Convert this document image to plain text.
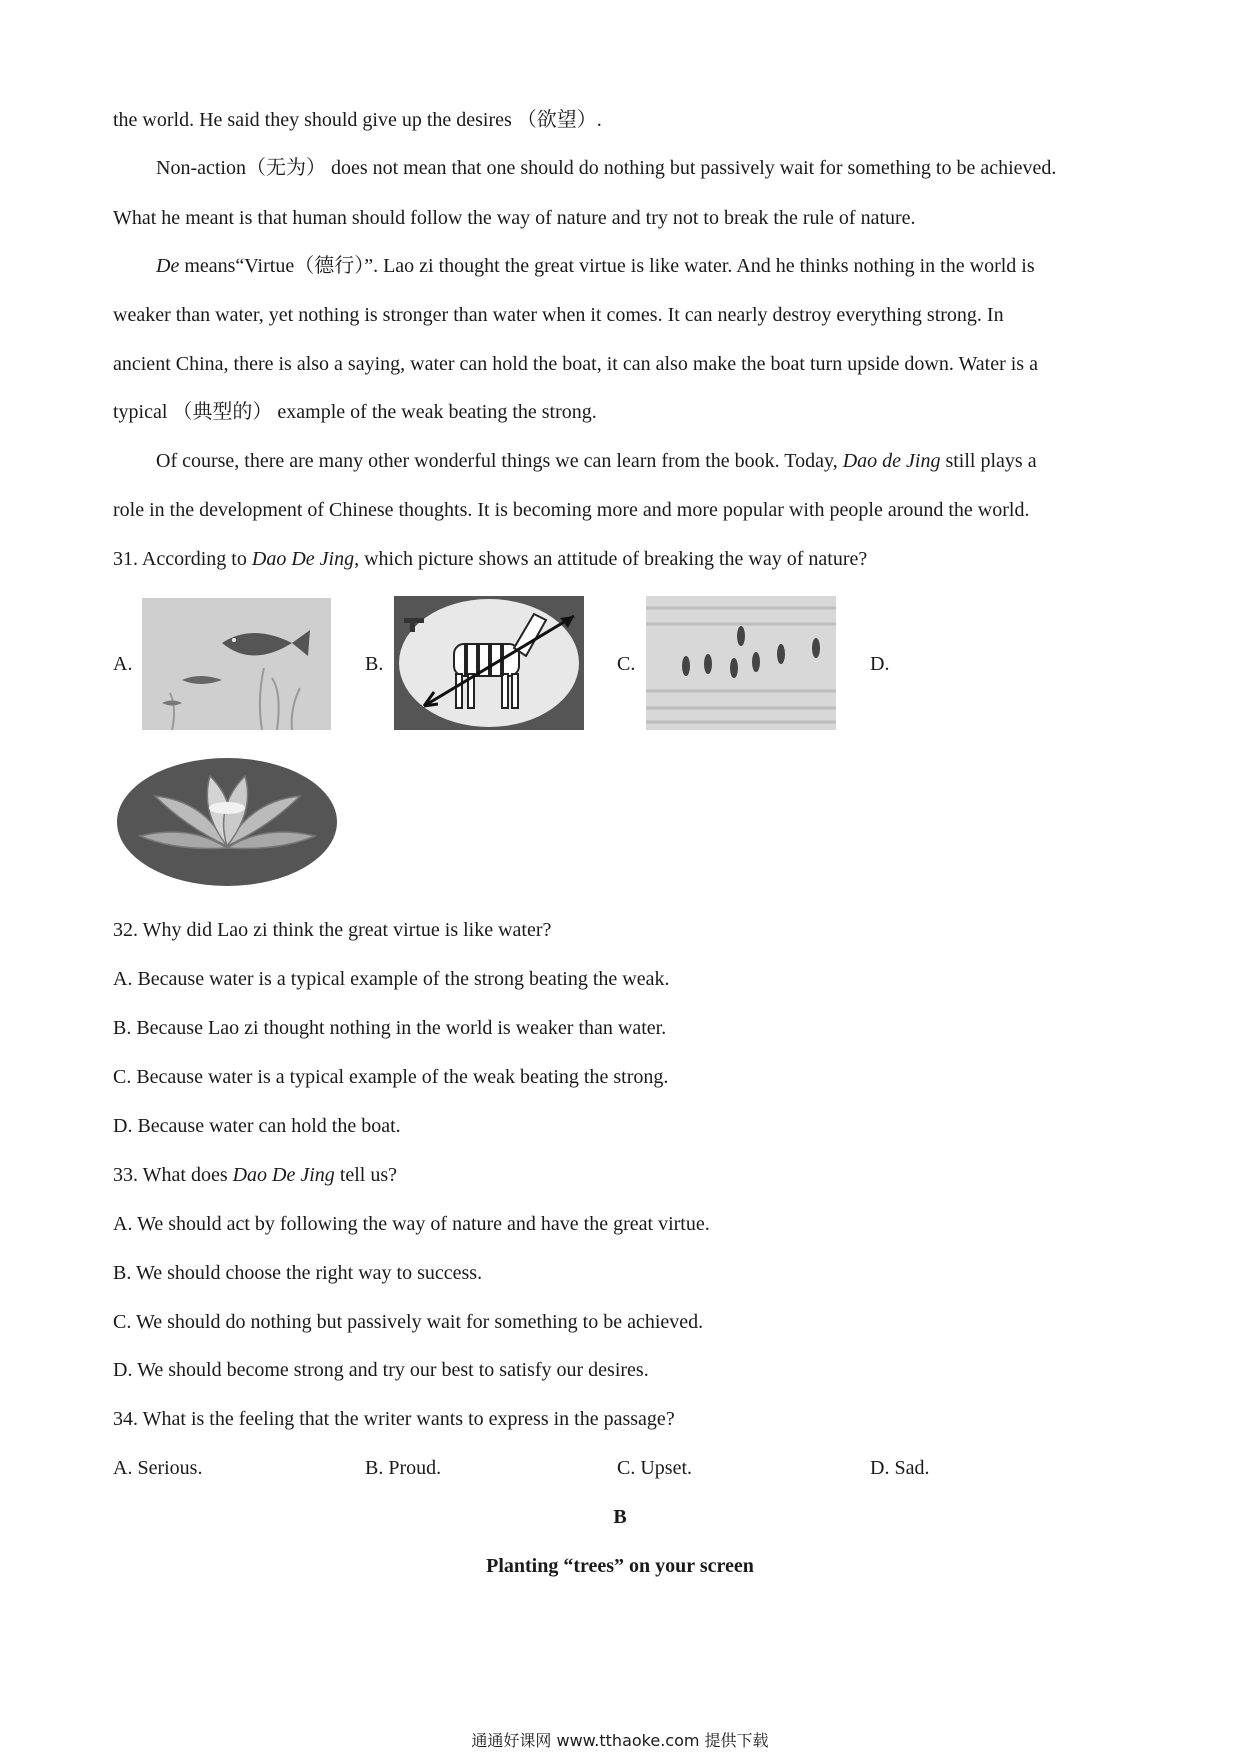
the world. He said they should give up the desires （欲望）.
Non-action（无为） does not mean that one should do nothing but passively wait for something to be achieved.
What he meant is that human should follow the way of nature and try not to break the rule of nature.
De means“Virtue（德行）”. Lao zi thought the great virtue is like water. And he thinks nothing in the world is
weaker than water, yet nothing is stronger than water when it comes. It can nearly destroy everything strong. In
ancient China, there is also a saying, water can hold the boat, it can also make the boat turn upside down. Water is a
typical （典型的） example of the weak beating the strong.
Of course, there are many other wonderful things we can learn from the book. Today, Dao de Jing still plays a
role in the development of Chinese thoughts. It is becoming more and more popular with people around the world.
31. According to Dao De Jing, which picture shows an attitude of breaking the way of nature?
A.	B.	C.	D.
32. Why did Lao zi think the great virtue is like water?
A. Because water is a typical example of the strong beating the weak.
B. Because Lao zi thought nothing in the world is weaker than water.
C. Because water is a typical example of the weak beating the strong.
D. Because water can hold the boat.
33. What does Dao De Jing tell us?
A. We should act by following the way of nature and have the great virtue.
B. We should choose the right way to success.
C. We should do nothing but passively wait for something to be achieved.
D. We should become strong and try our best to satisfy our desires.
34. What is the feeling that the writer wants to express in the passage?
A. Serious.	B. Proud.	C. Upset.	D. Sad.
B
Planting “trees” on your screen
通通好课网 www.tthaoke.com 提供下载
